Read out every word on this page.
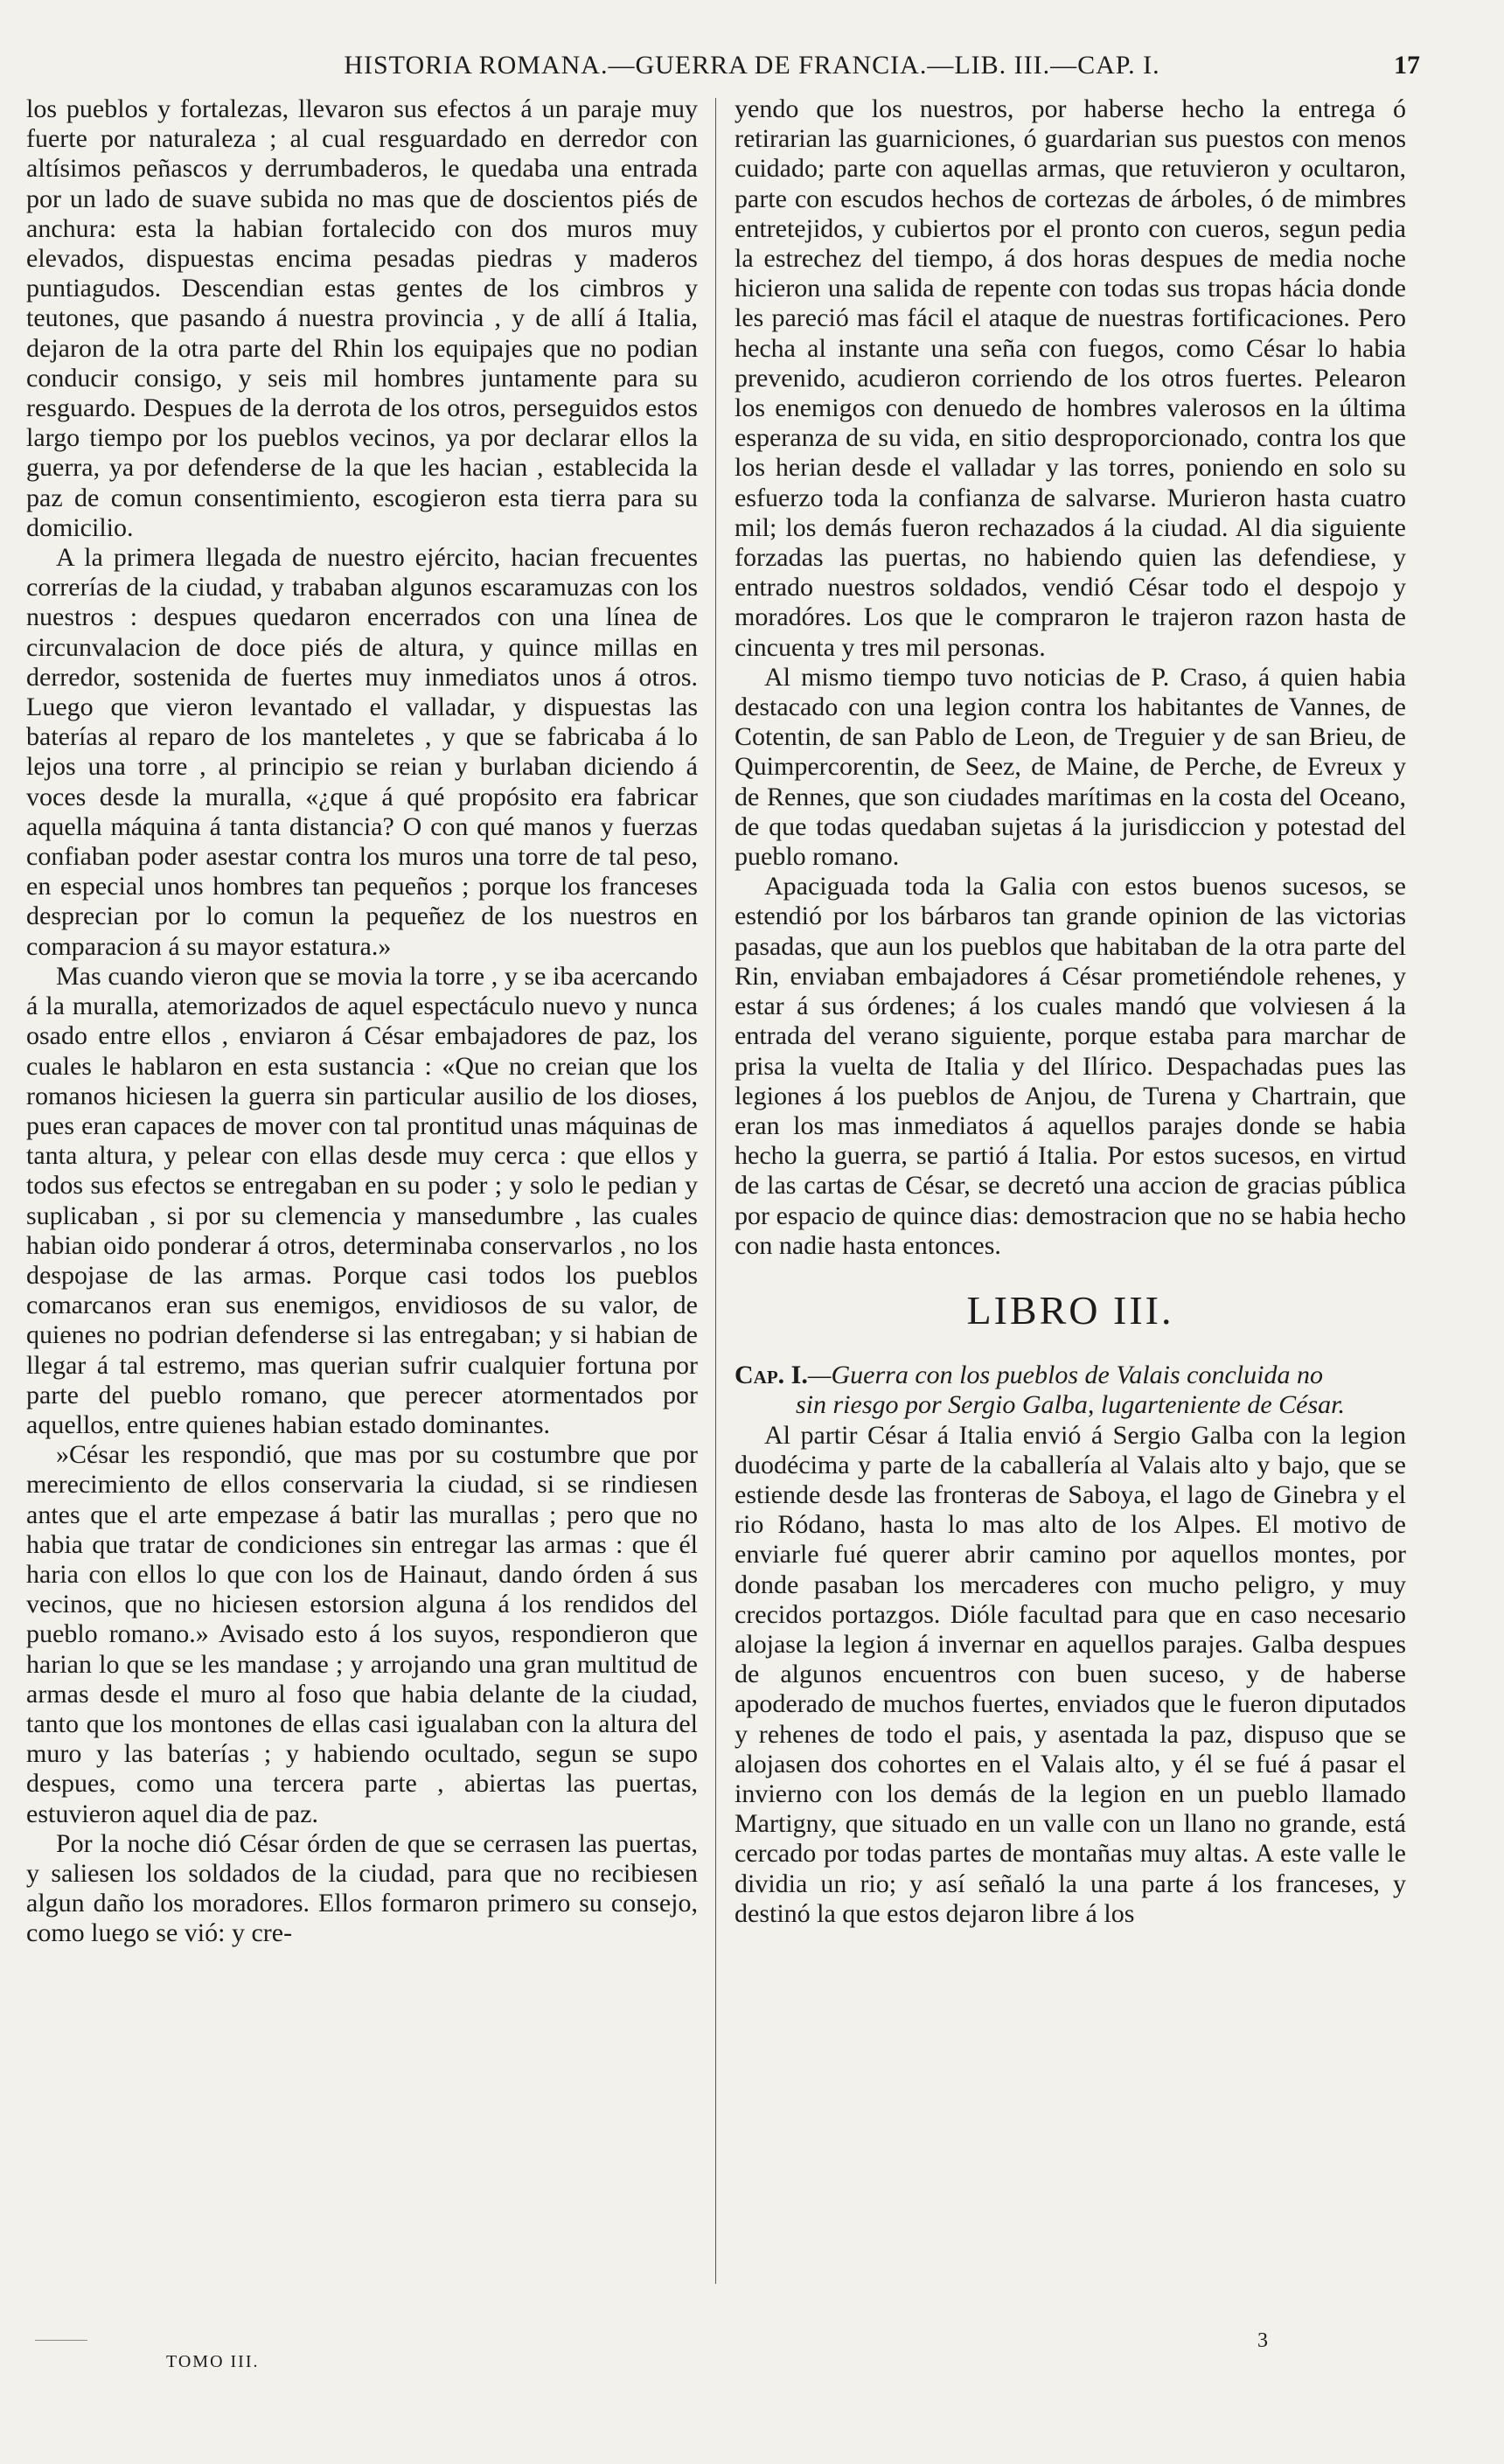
HISTORIA ROMANA.—GUERRA DE FRANCIA.—LIB. III.—CAP. I.	17

los pueblos y fortalezas, llevaron sus efectos á un paraje muy fuerte por naturaleza ; al cual resguardado en derredor con altísimos peñascos y derrumbaderos, le quedaba una entrada por un lado de suave subida no mas que de doscientos piés de anchura: esta la habian fortalecido con dos muros muy elevados, dispuestas encima pesadas piedras y maderos puntiagudos. Descendian estas gentes de los cimbros y teutones, que pasando á nuestra provincia , y de allí á Italia, dejaron de la otra parte del Rhin los equipajes que no podian conducir consigo, y seis mil hombres juntamente para su resguardo. Despues de la derrota de los otros, perseguidos estos largo tiempo por los pueblos vecinos, ya por declarar ellos la guerra, ya por defenderse de la que les hacian , establecida la paz de comun consentimiento, escogieron esta tierra para su domicilio.

A la primera llegada de nuestro ejército, hacian frecuentes correrías de la ciudad, y trababan algunos escaramuzas con los nuestros : despues quedaron encerrados con una línea de circunvalacion de doce piés de altura, y quince millas en derredor, sostenida de fuertes muy inmediatos unos á otros. Luego que vieron levantado el valladar, y dispuestas las baterías al reparo de los manteletes , y que se fabricaba á lo lejos una torre , al principio se reian y burlaban diciendo á voces desde la muralla, «¿que á qué propósito era fabricar aquella máquina á tanta distancia? O con qué manos y fuerzas confiaban poder asestar contra los muros una torre de tal peso, en especial unos hombres tan pequeños ; porque los franceses desprecian por lo comun la pequeñez de los nuestros en comparacion á su mayor estatura.»

Mas cuando vieron que se movia la torre , y se iba acercando á la muralla, atemorizados de aquel espectáculo nuevo y nunca osado entre ellos , enviaron á César embajadores de paz, los cuales le hablaron en esta sustancia : «Que no creian que los romanos hiciesen la guerra sin particular ausilio de los dioses, pues eran capaces de mover con tal prontitud unas máquinas de tanta altura, y pelear con ellas desde muy cerca : que ellos y todos sus efectos se entregaban en su poder ; y solo le pedian y suplicaban , si por su clemencia y mansedumbre , las cuales habian oido ponderar á otros, determinaba conservarlos , no los despojase de las armas. Porque casi todos los pueblos comarcanos eran sus enemigos, envidiosos de su valor, de quienes no podrian defenderse si las entregaban; y si habian de llegar á tal estremo, mas querian sufrir cualquier fortuna por parte del pueblo romano, que perecer atormentados por aquellos, entre quienes habian estado dominantes.

»César les respondió, que mas por su costumbre que por merecimiento de ellos conservaria la ciudad, si se rindiesen antes que el arte empezase á batir las murallas ; pero que no habia que tratar de condiciones sin entregar las armas : que él haria con ellos lo que con los de Hainaut, dando órden á sus vecinos, que no hiciesen estorsion alguna á los rendidos del pueblo romano.» Avisado esto á los suyos, respondieron que harian lo que se les mandase ; y arrojando una gran multitud de armas desde el muro al foso que habia delante de la ciudad, tanto que los montones de ellas casi igualaban con la altura del muro y las baterías ; y habiendo ocultado, segun se supo despues, como una tercera parte , abiertas las puertas, estuvieron aquel dia de paz.

Por la noche dió César órden de que se cerrasen las puertas, y saliesen los soldados de la ciudad, para que no recibiesen algun daño los moradores. Ellos formaron primero su consejo, como luego se vió: y cre-

yendo que los nuestros, por haberse hecho la entrega ó retirarian las guarniciones, ó guardarian sus puestos con menos cuidado; parte con aquellas armas, que retuvieron y ocultaron, parte con escudos hechos de cortezas de árboles, ó de mimbres entretejidos, y cubiertos por el pronto con cueros, segun pedia la estrechez del tiempo, á dos horas despues de media noche hicieron una salida de repente con todas sus tropas hácia donde les pareció mas fácil el ataque de nuestras fortificaciones. Pero hecha al instante una seña con fuegos, como César lo habia prevenido, acudieron corriendo de los otros fuertes. Pelearon los enemigos con denuedo de hombres valerosos en la última esperanza de su vida, en sitio desproporcionado, contra los que los herian desde el valladar y las torres, poniendo en solo su esfuerzo toda la confianza de salvarse. Murieron hasta cuatro mil; los demás fueron rechazados á la ciudad. Al dia siguiente forzadas las puertas, no habiendo quien las defendiese, y entrado nuestros soldados, vendió César todo el despojo y moradóres. Los que le compraron le trajeron razon hasta de cincuenta y tres mil personas.

Al mismo tiempo tuvo noticias de P. Craso, á quien habia destacado con una legion contra los habitantes de Vannes, de Cotentin, de san Pablo de Leon, de Treguier y de san Brieu, de Quimpercorentin, de Seez, de Maine, de Perche, de Evreux y de Rennes, que son ciudades marítimas en la costa del Oceano, de que todas quedaban sujetas á la jurisdiccion y potestad del pueblo romano.

Apaciguada toda la Galia con estos buenos sucesos, se estendió por los bárbaros tan grande opinion de las victorias pasadas, que aun los pueblos que habitaban de la otra parte del Rin, enviaban embajadores á César prometiéndole rehenes, y estar á sus órdenes; á los cuales mandó que volviesen á la entrada del verano siguiente, porque estaba para marchar de prisa la vuelta de Italia y del Ilírico. Despachadas pues las legiones á los pueblos de Anjou, de Turena y Chartrain, que eran los mas inmediatos á aquellos parajes donde se habia hecho la guerra, se partió á Italia. Por estos sucesos, en virtud de las cartas de César, se decretó una accion de gracias pública por espacio de quince dias: demostracion que no se habia hecho con nadie hasta entonces.

LIBRO III.

Cap. I.—Guerra con los pueblos de Valais concluida no
sin riesgo por Sergio Galba, lugarteniente de César.

Al partir César á Italia envió á Sergio Galba con la legion duodécima y parte de la caballería al Valais alto y bajo, que se estiende desde las fronteras de Saboya, el lago de Ginebra y el rio Ródano, hasta lo mas alto de los Alpes. El motivo de enviarle fué querer abrir camino por aquellos montes, por donde pasaban los mercaderes con mucho peligro, y muy crecidos portazgos. Dióle facultad para que en caso necesario alojase la legion á invernar en aquellos parajes. Galba despues de algunos encuentros con buen suceso, y de haberse apoderado de muchos fuertes, enviados que le fueron diputados y rehenes de todo el pais, y asentada la paz, dispuso que se alojasen dos cohortes en el Valais alto, y él se fué á pasar el invierno con los demás de la legion en un pueblo llamado Martigny, que situado en un valle con un llano no grande, está cercado por todas partes de montañas muy altas. A este valle le dividia un rio; y así señaló la una parte á los franceses, y destinó la que estos dejaron libre á los

TOMO III.
3
